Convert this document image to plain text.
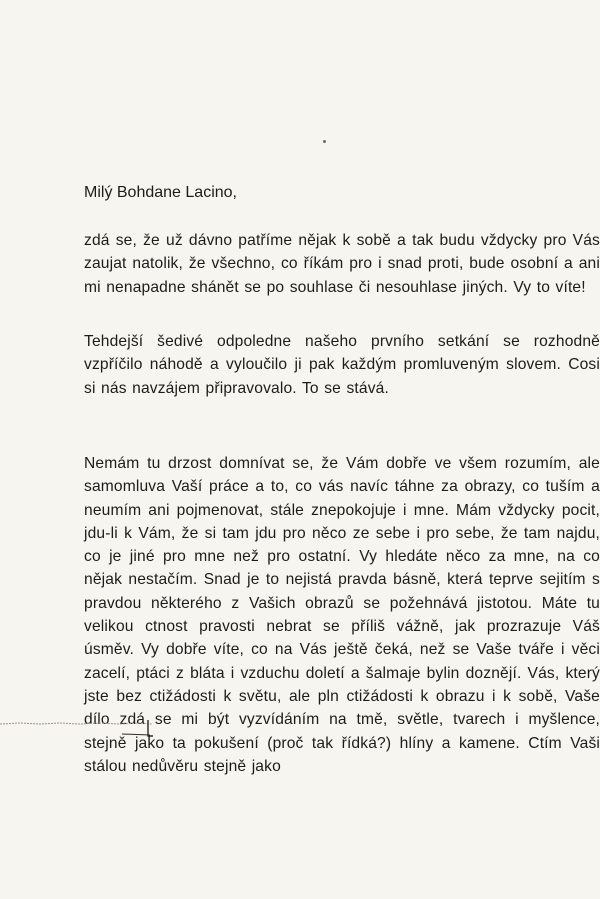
Milý Bohdane Lacino,

zdá se, že už dávno patříme nějak k sobě a tak budu vždycky pro Vás zaujat natolik, že všechno, co říkám pro i snad proti, bude osobní a ani mi nenapadne shánět se po souhlase či nesouhlase jiných. Vy to víte!

Tehdejší šedivé odpoledne našeho prvního setkání se rozhodně vzpříčilo náhodě a vyloučilo ji pak každým promluveným slovem. Cosi si nás navzájem připravovalo. To se stává.

Nemám tu drzost domnívat se, že Vám dobře ve všem rozumím, ale samomluva Vaší práce a to, co vás navíc táhne za obrazy, co tuším a neumím ani pojmenovat, stále znepokojuje i mne. Mám vždycky pocit, jdu-li k Vám, že si tam jdu pro něco ze sebe i pro sebe, že tam najdu, co je jiné pro mne než pro ostatní. Vy hledáte něco za mne, na co nějak nestačím. Snad je to nejistá pravda básně, která teprve sejitím s pravdou některého z Vašich obrazů se požehnává jistotou. Máte tu velikou ctnost pravosti nebrat se příliš vážně, jak prozrazuje Váš úsměv. Vy dobře víte, co na Vás ještě čeká, než se Vaše tváře i věci zacelí, ptáci z bláta i vzduchu doletí a šalmaje bylin doznějí. Vás, který jste bez ctižádosti k světu, ale pln ctižádosti k obrazu i k sobě, Vaše dílo zdá se mi být vyzvídáním na tmě, světle, tvarech i myšlence, stejně jako ta pokušení (proč tak řídká?) hlíny a kamene. Ctím Vaši stálou nedůvěru stejně jako
